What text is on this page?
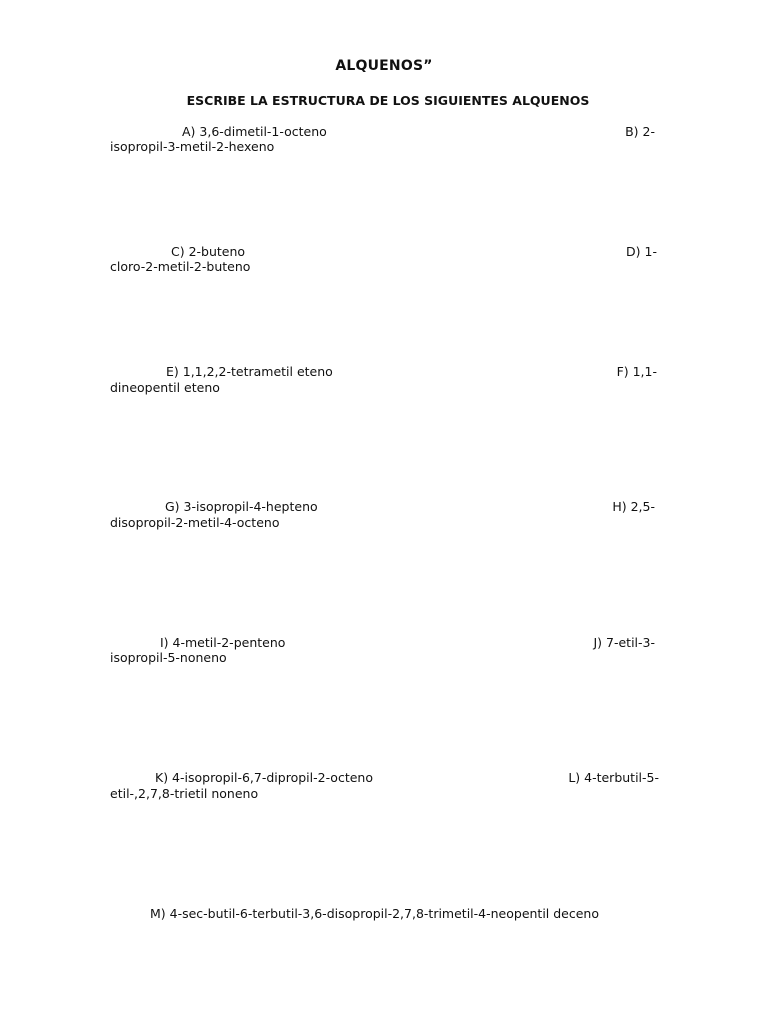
ALQUENOS”
ESCRIBE LA ESTRUCTURA DE LOS SIGUIENTES ALQUENOS
A) 3,6-dimetil-1-octeno	B) 2-
isopropil-3-metil-2-hexeno
C) 2-buteno	D) 1-
cloro-2-metil-2-buteno
E) 1,1,2,2-tetrametil eteno	F) 1,1-
dineopentil eteno
G) 3-isopropil-4-hepteno	H) 2,5-
disopropil-2-metil-4-octeno
I) 4-metil-2-penteno	J) 7-etil-3-
isopropil-5-noneno
K) 4-isopropil-6,7-dipropil-2-octeno	L) 4-terbutil-5-
etil-,2,7,8-trietil noneno
M) 4-sec-butil-6-terbutil-3,6-disopropil-2,7,8-trimetil-4-neopentil deceno
